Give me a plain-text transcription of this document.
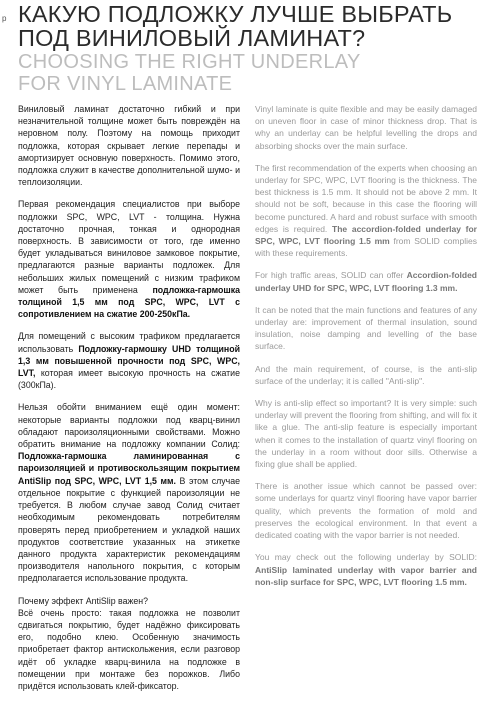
p КАКУЮ ПОДЛОЖКУ ЛУЧШЕ ВЫБРАТЬ
ПОД ВИНИЛОВЫЙ ЛАМИНАТ?
CHOOSING THE RIGHT UNDERLAY
FOR VINYL LAMINATE

Виниловый ламинат достаточно гибкий и при незначительной толщине может быть повреждён на неровном полу. Поэтому на помощь приходит подложка, которая скрывает легкие перепады и амортизирует основную поверхность. Помимо этого, подложка служит в качестве дополнительной шумо- и теплоизоляции.

Первая рекомендация специалистов при выборе подложки SPC, WPC, LVT - толщина. Нужна достаточно прочная, тонкая и однородная поверхность. В зависимости от того, где именно будет укладываться виниловое замковое покрытие, предлагаются разные варианты подложек. Для небольших жилых помещений с низким трафиком может быть применена подложка-гармошка толщиной 1,5 мм под SPC, WPC, LVT с сопротивлением на сжатие 200-250кПа.

Для помещений с высоким трафиком предлагается использовать Подложку-гармошку UHD толщиной 1,3 мм повышенной прочности под SPC, WPC, LVT, которая имеет высокую прочность на сжатие (300кПа).

Нельзя обойти вниманием ещё один момент: некоторые варианты подложки под кварц-винил обладают пароизоляционными свойствами. Можно обратить внимание на подложку компании Солид: Подложка-гармошка ламинированная с пароизоляцией и противоскользящим покрытием AntiSlip под SPC, WPC, LVT 1,5 мм. В этом случае отдельное покрытие с функцией пароизоляции не требуется. В любом случае завод Солид считает необходимым рекомендовать потребителям проверять перед приобретением и укладкой наших продуктов соответствие указанных на этикетке данного продукта характеристик рекомендациям производителя напольного покрытия, с которым предполагается использование продукта.

Почему эффект AntiSlip важен?
Всё очень просто: такая подложка не позволит сдвигаться покрытию, будет надёжно фиксировать его, подобно клею. Особенную значимость приобретает фактор антискольжения, если разговор идёт об укладке кварц-винила на подложке в помещении при монтаже без порожков. Либо придётся использовать клей-фиксатор.

Vinyl laminate is quite flexible and may be easily damaged on uneven floor in case of minor thickness drop. That is why an underlay can be helpful levelling the drops and absorbing shocks over the main surface.

The first recommendation of the experts when choosing an underlay for SPC, WPC, LVT flooring is the thickness. The best thickness is 1.5 mm. It should not be above 2 mm. It should not be soft, because in this case the flooring will become punctured. A hard and robust surface with smooth edges is required. The accordion-folded underlay for SPC, WPC, LVT flooring 1.5 mm from SOLID complies with these requirements.

For high traffic areas, SOLID can offer Accordion-folded underlay UHD for SPC, WPC, LVT flooring 1.3 mm.

It can be noted that the main functions and features of any underlay are: improvement of thermal insulation, sound insulation, noise damping and levelling of the base surface.

And the main requirement, of course, is the anti-slip surface of the underlay; it is called "Anti-slip".

Why is anti-slip effect so important? It is very simple: such underlay will prevent the flooring from shifting, and will fix it like a glue. The anti-slip feature is especially important when it comes to the installation of quartz vinyl flooring on the underlay in a room without door sills. Otherwise a fixing glue shall be applied.

There is another issue which cannot be passed over: some underlays for quartz vinyl flooring have vapor barrier quality, which prevents the formation of mold and preserves the ecological environment. In that event a dedicated coating with the vapor barrier is not needed.

You may check out the following underlay by SOLID: AntiSlip laminated underlay with vapor barrier and non-slip surface for SPC, WPC, LVT flooring 1.5 mm.
